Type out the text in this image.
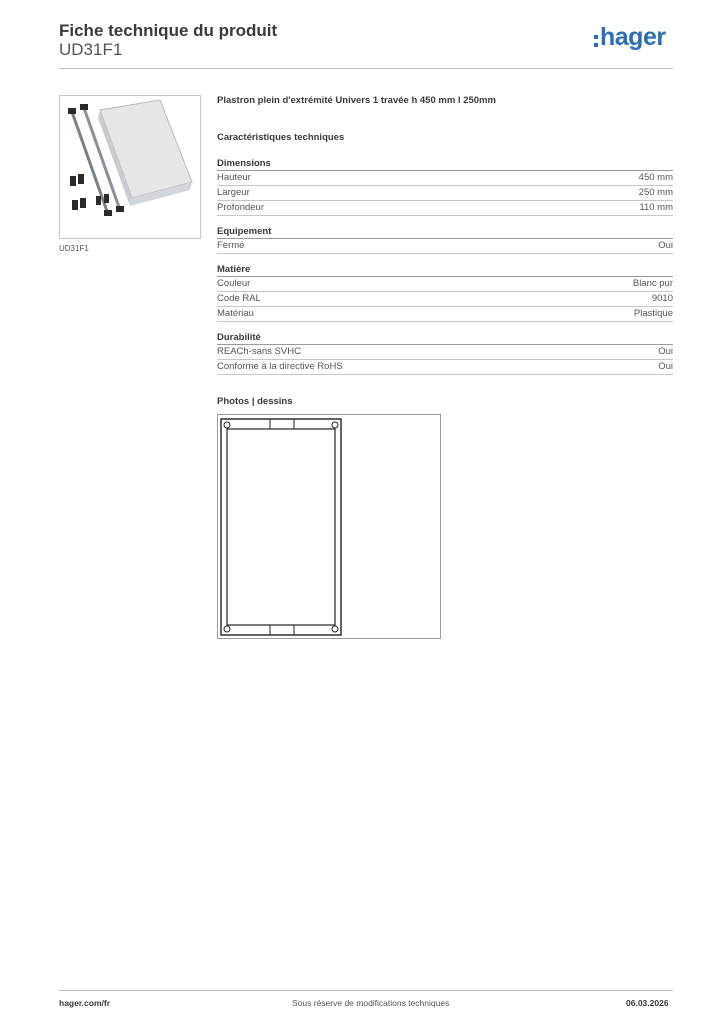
Fiche technique du produit
UD31F1	hager
UD31F1
Plastron plein d'extrémité Univers 1 travée h 450 mm l 250mm
Caractéristiques techniques
Dimensions
Hauteur	450 mm
Largeur	250 mm
Profondeur	110 mm
Equipement
Fermé	Oui
Matière
Couleur	Blanc pur
Code RAL	9010
Matériau	Plastique
Durabilité
REACh-sans SVHC	Oui
Conforme à la directive RoHS	Oui
Photos | dessins
hager.com/fr	Sous réserve de modifications techniques	06.03.2026
